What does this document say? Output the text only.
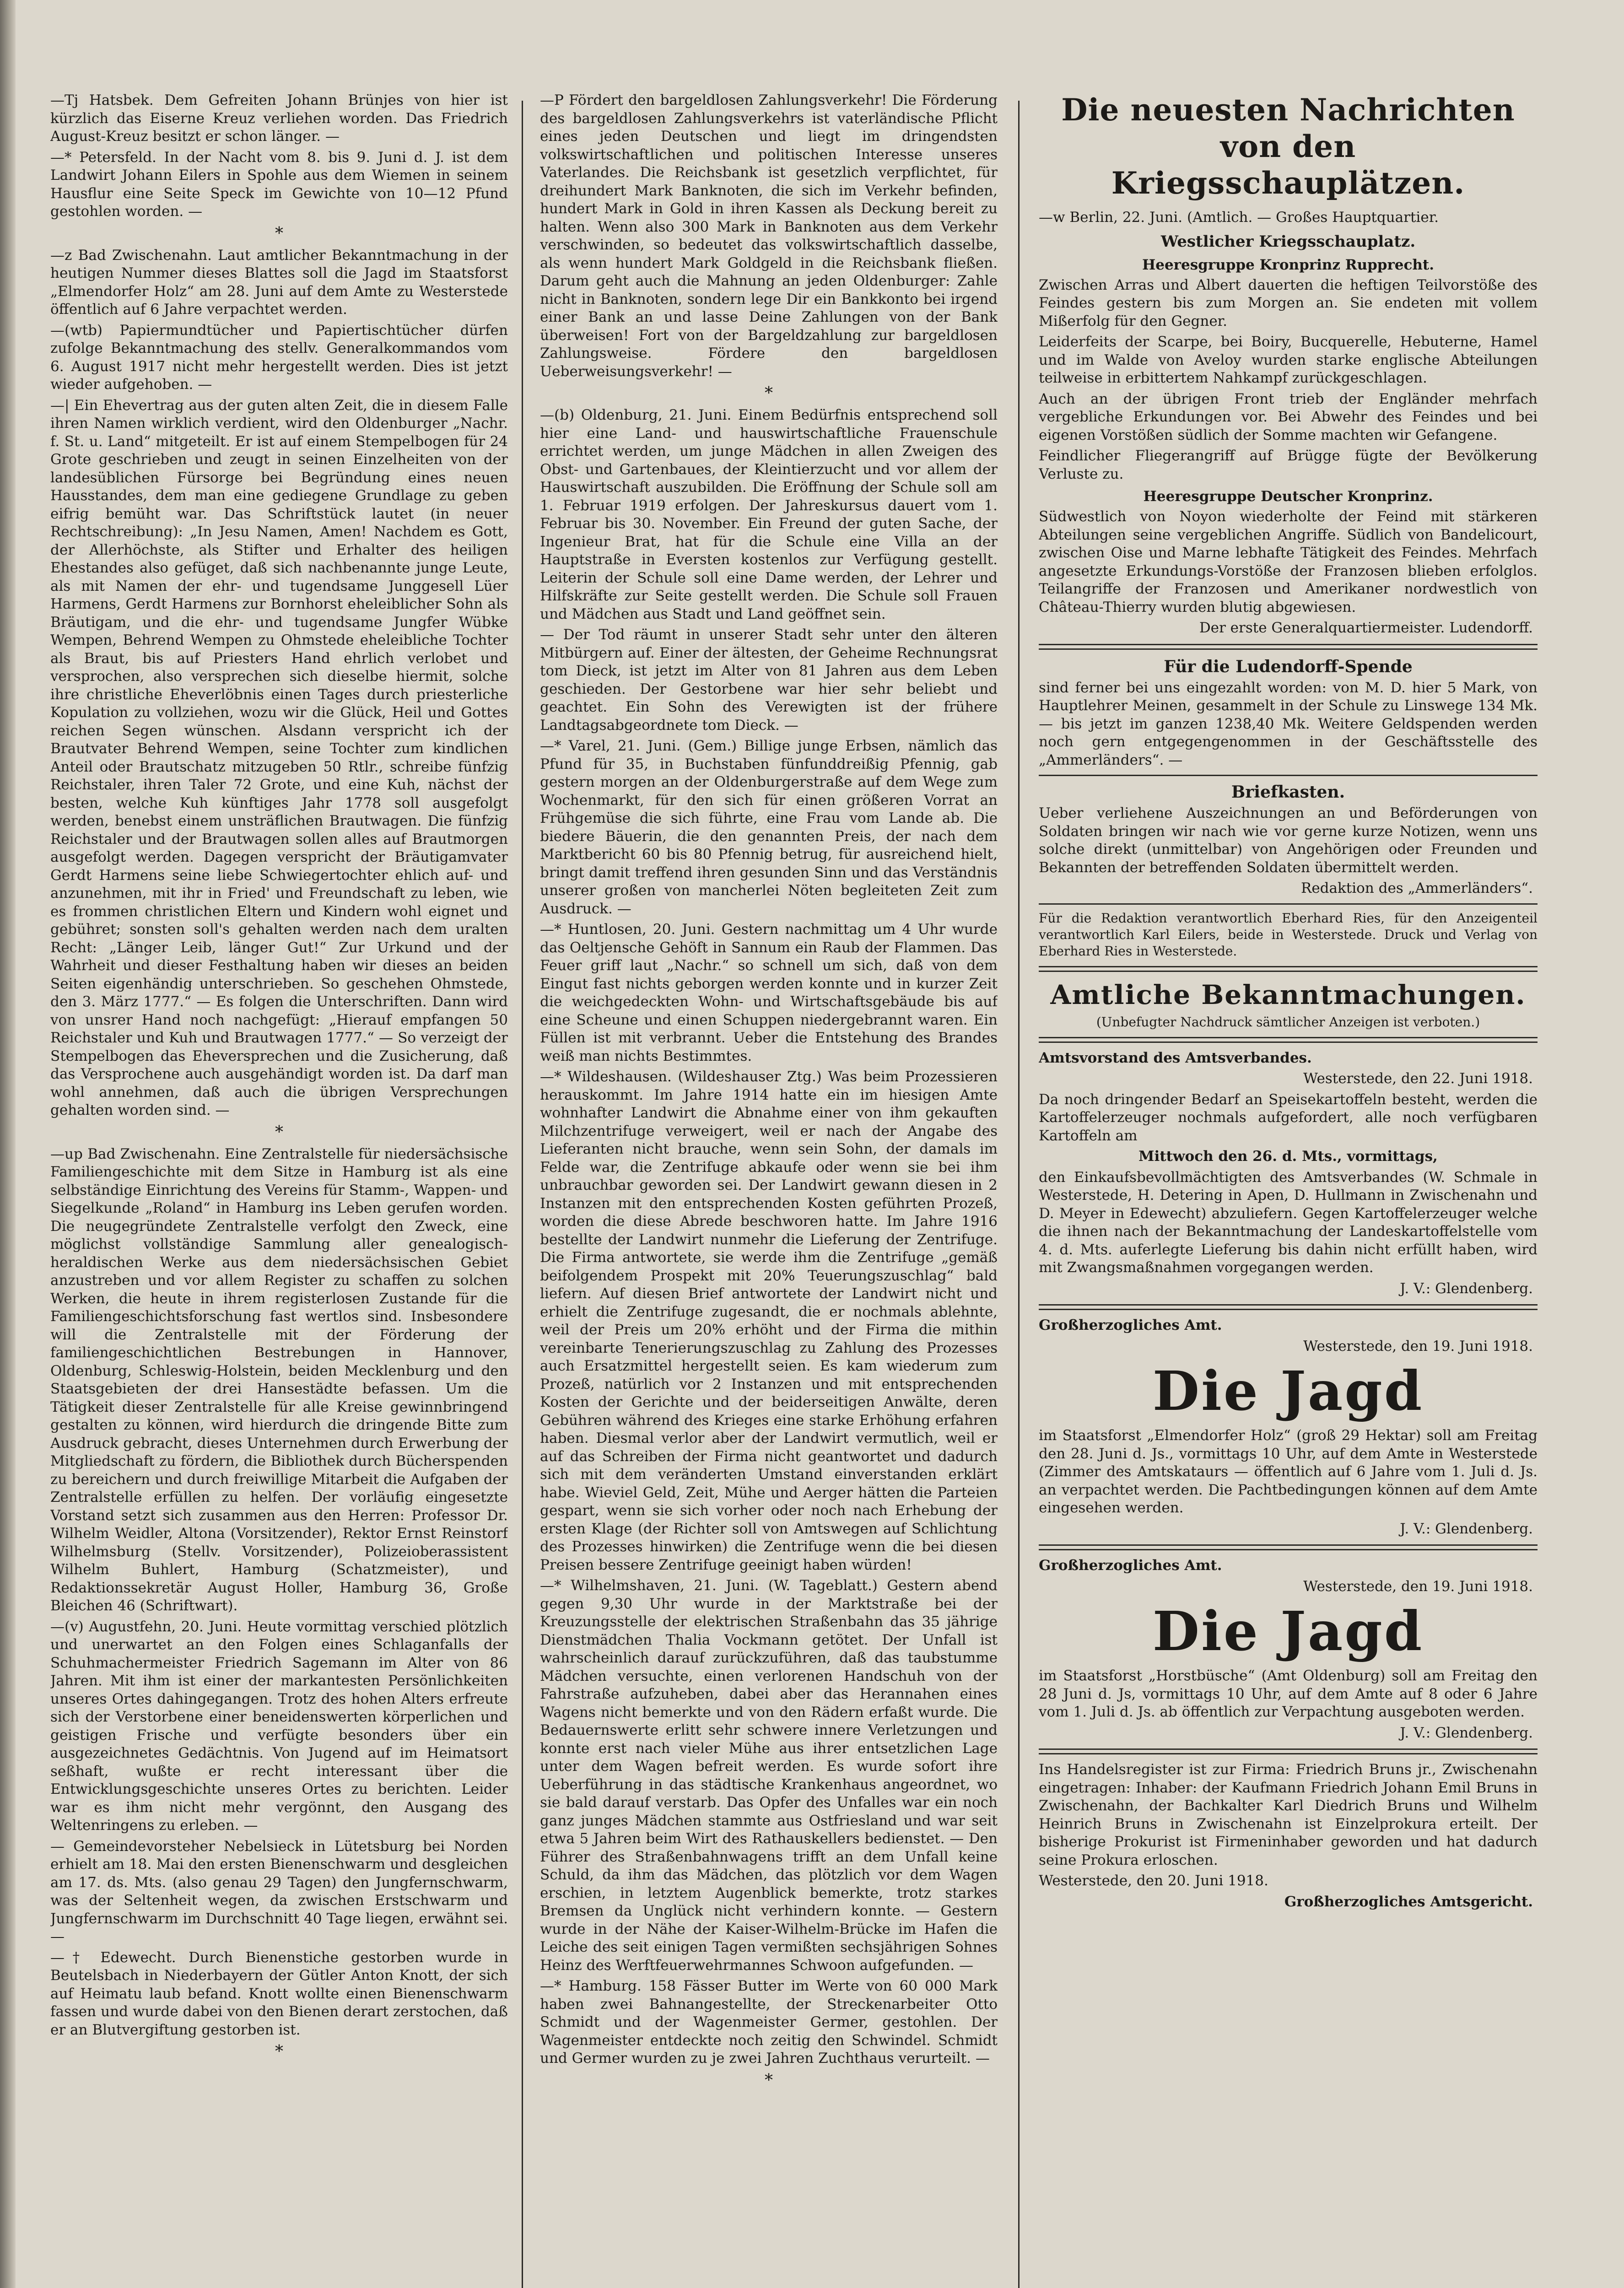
—Tj Hatsbek. Dem Gefreiten Johann Brünjes von hier ist kürzlich das Eiserne Kreuz verliehen worden. Das Friedrich August-Kreuz besitzt er schon länger. —

—* Petersfeld. In der Nacht vom 8. bis 9. Juni d. J. ist dem Landwirt Johann Eilers in Spohle aus dem Wiemen in seinem Hausflur eine Seite Speck im Gewichte von 10—12 Pfund gestohlen worden. —

*

—z Bad Zwischenahn. Laut amtlicher Bekanntmachung in der heutigen Nummer dieses Blattes soll die Jagd im Staatsforst „Elmendorfer Holz“ am 28. Juni auf dem Amte zu Westerstede öffentlich auf 6 Jahre verpachtet werden.

—(wtb) Papiermundtücher und Papiertischtücher dürfen zufolge Bekanntmachung des stellv. Generalkommandos vom 6. August 1917 nicht mehr hergestellt werden. Dies ist jetzt wieder aufgehoben. —

—| Ein Ehevertrag aus der guten alten Zeit, die in diesem Falle ihren Namen wirklich verdient, wird den Oldenburger „Nachr. f. St. u. Land“ mitgeteilt. Er ist auf einem Stempelbogen für 24 Grote geschrieben und zeugt in seinen Einzelheiten von der landesüblichen Fürsorge bei Begründung eines neuen Hausstandes, dem man eine gediegene Grundlage zu geben eifrig bemüht war. Das Schriftstück lautet (in neuer Rechtschreibung): „In Jesu Namen, Amen! Nachdem es Gott, der Allerhöchste, als Stifter und Erhalter des heiligen Ehestandes also gefüget, daß sich nachbenannte junge Leute, als mit Namen der ehr- und tugendsame Junggesell Lüer Harmens, Gerdt Harmens zur Bornhorst eheleiblicher Sohn als Bräutigam, und die ehr- und tugendsame Jungfer Wübke Wempen, Behrend Wempen zu Ohmstede eheleibliche Tochter als Braut, bis auf Priesters Hand ehrlich verlobet und versprochen, also versprechen sich dieselbe hiermit, solche ihre christliche Eheverlöbnis einen Tages durch priesterliche Kopulation zu vollziehen, wozu wir die Glück, Heil und Gottes reichen Segen wünschen. Alsdann verspricht ich der Brautvater Behrend Wempen, seine Tochter zum kindlichen Anteil oder Brautschatz mitzugeben 50 Rtlr., schreibe fünfzig Reichstaler, ihren Taler 72 Grote, und eine Kuh, nächst der besten, welche Kuh künftiges Jahr 1778 soll ausgefolgt werden, benebst einem unsträflichen Brautwagen. Die fünfzig Reichstaler und der Brautwagen sollen alles auf Brautmorgen ausgefolgt werden. Dagegen verspricht der Bräutigamvater Gerdt Harmens seine liebe Schwiegertochter ehlich auf- und anzunehmen, mit ihr in Fried' und Freundschaft zu leben, wie es frommen christlichen Eltern und Kindern wohl eignet und gebühret; sonsten soll's gehalten werden nach dem uralten Recht: „Länger Leib, länger Gut!“ Zur Urkund und der Wahrheit und dieser Festhaltung haben wir dieses an beiden Seiten eigenhändig unterschrieben. So geschehen Ohmstede, den 3. März 1777.“ — Es folgen die Unterschriften. Dann wird von unsrer Hand noch nachgefügt: „Hierauf empfangen 50 Reichstaler und Kuh und Brautwagen 1777.“ — So verzeigt der Stempelbogen das Eheversprechen und die Zusicherung, daß das Versprochene auch ausgehändigt worden ist. Da darf man wohl annehmen, daß auch die übrigen Versprechungen gehalten worden sind. —

*

—up Bad Zwischenahn. Eine Zentralstelle für niedersächsische Familiengeschichte mit dem Sitze in Hamburg ist als eine selbständige Einrichtung des Vereins für Stamm-, Wappen- und Siegelkunde „Roland“ in Hamburg ins Leben gerufen worden. Die neugegründete Zentralstelle verfolgt den Zweck, eine möglichst vollständige Sammlung aller genealogisch-heraldischen Werke aus dem niedersächsischen Gebiet anzustreben und vor allem Register zu schaffen zu solchen Werken, die heute in ihrem registerlosen Zustande für die Familiengeschichtsforschung fast wertlos sind. Insbesondere will die Zentralstelle mit der Förderung der familiengeschichtlichen Bestrebungen in Hannover, Oldenburg, Schleswig-Holstein, beiden Mecklenburg und den Staatsgebieten der drei Hansestädte befassen. Um die Tätigkeit dieser Zentralstelle für alle Kreise gewinnbringend gestalten zu können, wird hierdurch die dringende Bitte zum Ausdruck gebracht, dieses Unternehmen durch Erwerbung der Mitgliedschaft zu fördern, die Bibliothek durch Bücherspenden zu bereichern und durch freiwillige Mitarbeit die Aufgaben der Zentralstelle erfüllen zu helfen. Der vorläufig eingesetzte Vorstand setzt sich zusammen aus den Herren: Professor Dr. Wilhelm Weidler, Altona (Vorsitzender), Rektor Ernst Reinstorf Wilhelmsburg (Stellv. Vorsitzender), Polizeioberassistent Wilhelm Buhlert, Hamburg (Schatzmeister), und Redaktionssekretär August Holler, Hamburg 36, Große Bleichen 46 (Schriftwart).

—(v) Augustfehn, 20. Juni. Heute vormittag verschied plötzlich und unerwartet an den Folgen eines Schlaganfalls der Schuhmachermeister Friedrich Sagemann im Alter von 86 Jahren. Mit ihm ist einer der markantesten Persönlichkeiten unseres Ortes dahingegangen. Trotz des hohen Alters erfreute sich der Verstorbene einer beneidenswerten körperlichen und geistigen Frische und verfügte besonders über ein ausgezeichnetes Gedächtnis. Von Jugend auf im Heimatsort seßhaft, wußte er recht interessant über die Entwicklungsgeschichte unseres Ortes zu berichten. Leider war es ihm nicht mehr vergönnt, den Ausgang des Weltenringens zu erleben. —

— Gemeindevorsteher Nebelsieck in Lütetsburg bei Norden erhielt am 18. Mai den ersten Bienenschwarm und desgleichen am 17. ds. Mts. (also genau 29 Tagen) den Jungfernschwarm, was der Seltenheit wegen, da zwischen Erstschwarm und Jungfernschwarm im Durchschnitt 40 Tage liegen, erwähnt sei. —

—† Edewecht. Durch Bienenstiche gestorben wurde in Beutelsbach in Niederbayern der Gütler Anton Knott, der sich auf Heimatu laub befand. Knott wollte einen Bienenschwarm fassen und wurde dabei von den Bienen derart zerstochen, daß er an Blutvergiftung gestorben ist.

*

—P Fördert den bargeldlosen Zahlungsverkehr! Die Förderung des bargeldlosen Zahlungsverkehrs ist vaterländische Pflicht eines jeden Deutschen und liegt im dringendsten volkswirtschaftlichen und politischen Interesse unseres Vaterlandes. Die Reichsbank ist gesetzlich verpflichtet, für dreihundert Mark Banknoten, die sich im Verkehr befinden, hundert Mark in Gold in ihren Kassen als Deckung bereit zu halten. Wenn also 300 Mark in Banknoten aus dem Verkehr verschwinden, so bedeutet das volkswirtschaftlich dasselbe, als wenn hundert Mark Goldgeld in die Reichsbank fließen. Darum geht auch die Mahnung an jeden Oldenburger: Zahle nicht in Banknoten, sondern lege Dir ein Bankkonto bei irgend einer Bank an und lasse Deine Zahlungen von der Bank überweisen! Fort von der Bargeldzahlung zur bargeldlosen Zahlungsweise. Fördere den bargeldlosen Ueberweisungsverkehr! —

*

—(b) Oldenburg, 21. Juni. Einem Bedürfnis entsprechend soll hier eine Land- und hauswirtschaftliche Frauenschule errichtet werden, um junge Mädchen in allen Zweigen des Obst- und Gartenbaues, der Kleintierzucht und vor allem der Hauswirtschaft auszubilden. Die Eröffnung der Schule soll am 1. Februar 1919 erfolgen. Der Jahreskursus dauert vom 1. Februar bis 30. November. Ein Freund der guten Sache, der Ingenieur Brat, hat für die Schule eine Villa an der Hauptstraße in Eversten kostenlos zur Verfügung gestellt. Leiterin der Schule soll eine Dame werden, der Lehrer und Hilfskräfte zur Seite gestellt werden. Die Schule soll Frauen und Mädchen aus Stadt und Land geöffnet sein.

— Der Tod räumt in unserer Stadt sehr unter den älteren Mitbürgern auf. Einer der ältesten, der Geheime Rechnungsrat tom Dieck, ist jetzt im Alter von 81 Jahren aus dem Leben geschieden. Der Gestorbene war hier sehr beliebt und geachtet. Ein Sohn des Verewigten ist der frühere Landtagsabgeordnete tom Dieck. —

—* Varel, 21. Juni. (Gem.) Billige junge Erbsen, nämlich das Pfund für 35, in Buchstaben fünfunddreißig Pfennig, gab gestern morgen an der Oldenburgerstraße auf dem Wege zum Wochenmarkt, für den sich für einen größeren Vorrat an Frühgemüse die sich führte, eine Frau vom Lande ab. Die biedere Bäuerin, die den genannten Preis, der nach dem Marktbericht 60 bis 80 Pfennig betrug, für ausreichend hielt, bringt damit treffend ihren gesunden Sinn und das Verständnis unserer großen von mancherlei Nöten begleiteten Zeit zum Ausdruck. —

—* Huntlosen, 20. Juni. Gestern nachmittag um 4 Uhr wurde das Oeltjensche Gehöft in Sannum ein Raub der Flammen. Das Feuer griff laut „Nachr.“ so schnell um sich, daß von dem Eingut fast nichts geborgen werden konnte und in kurzer Zeit die weichgedeckten Wohn- und Wirtschaftsgebäude bis auf eine Scheune und einen Schuppen niedergebrannt waren. Ein Füllen ist mit verbrannt. Ueber die Entstehung des Brandes weiß man nichts Bestimmtes.

—* Wildeshausen. (Wildeshauser Ztg.) Was beim Prozessieren herauskommt. Im Jahre 1914 hatte ein im hiesigen Amte wohnhafter Landwirt die Abnahme einer von ihm gekauften Milchzentrifuge verweigert, weil er nach der Angabe des Lieferanten nicht brauche, wenn sein Sohn, der damals im Felde war, die Zentrifuge abkaufe oder wenn sie bei ihm unbrauchbar geworden sei. Der Landwirt gewann diesen in 2 Instanzen mit den entsprechenden Kosten geführten Prozeß, worden die diese Abrede beschworen hatte. Im Jahre 1916 bestellte der Landwirt nunmehr die Lieferung der Zentrifuge. Die Firma antwortete, sie werde ihm die Zentrifuge „gemäß beifolgendem Prospekt mit 20% Teuerungszuschlag“ bald liefern. Auf diesen Brief antwortete der Landwirt nicht und erhielt die Zentrifuge zugesandt, die er nochmals ablehnte, weil der Preis um 20% erhöht und der Firma die mithin vereinbarte Tenerierungszuschlag zu Zahlung des Prozesses auch Ersatzmittel hergestellt seien. Es kam wiederum zum Prozeß, natürlich vor 2 Instanzen und mit entsprechenden Kosten der Gerichte und der beiderseitigen Anwälte, deren Gebühren während des Krieges eine starke Erhöhung erfahren haben. Diesmal verlor aber der Landwirt vermutlich, weil er auf das Schreiben der Firma nicht geantwortet und dadurch sich mit dem veränderten Umstand einverstanden erklärt habe. Wieviel Geld, Zeit, Mühe und Aerger hätten die Parteien gespart, wenn sie sich vorher oder noch nach Erhebung der ersten Klage (der Richter soll von Amtswegen auf Schlichtung des Prozesses hinwirken) die Zentrifuge wenn die bei diesen Preisen bessere Zentrifuge geeinigt haben würden!

—* Wilhelmshaven, 21. Juni. (W. Tageblatt.) Gestern abend gegen 9,30 Uhr wurde in der Marktstraße bei der Kreuzungsstelle der elektrischen Straßenbahn das 35 jährige Dienstmädchen Thalia Vockmann getötet. Der Unfall ist wahrscheinlich darauf zurückzuführen, daß das taubstumme Mädchen versuchte, einen verlorenen Handschuh von der Fahrstraße aufzuheben, dabei aber das Herannahen eines Wagens nicht bemerkte und von den Rädern erfaßt wurde. Die Bedauernswerte erlitt sehr schwere innere Verletzungen und konnte erst nach vieler Mühe aus ihrer entsetzlichen Lage unter dem Wagen befreit werden. Es wurde sofort ihre Ueberführung in das städtische Krankenhaus angeordnet, wo sie bald darauf verstarb. Das Opfer des Unfalles war ein noch ganz junges Mädchen stammte aus Ostfriesland und war seit etwa 5 Jahren beim Wirt des Rathauskellers bedienstet. — Den Führer des Straßenbahnwagens trifft an dem Unfall keine Schuld, da ihm das Mädchen, das plötzlich vor dem Wagen erschien, in letztem Augenblick bemerkte, trotz starkes Bremsen da Unglück nicht verhindern konnte. — Gestern wurde in der Nähe der Kaiser-Wilhelm-Brücke im Hafen die Leiche des seit einigen Tagen vermißten sechsjährigen Sohnes Heinz des Werftfeuerwehrmannes Schwoon aufgefunden. —

—* Hamburg. 158 Fässer Butter im Werte von 60 000 Mark haben zwei Bahnangestellte, der Streckenarbeiter Otto Schmidt und der Wagenmeister Germer, gestohlen. Der Wagenmeister entdeckte noch zeitig den Schwindel. Schmidt und Germer wurden zu je zwei Jahren Zuchthaus verurteilt. —

*
Die neuesten Nachrichten von den Kriegsschauplätzen.

—w Berlin, 22. Juni. (Amtlich. — Großes Hauptquartier.

Westlicher Kriegsschauplatz.
Heeresgruppe Kronprinz Rupprecht.

Zwischen Arras und Albert dauerten die heftigen Teilvorstöße des Feindes gestern bis zum Morgen an. Sie endeten mit vollem Mißerfolg für den Gegner.

Leiderfeits der Scarpe, bei Boiry, Bucquerelle, Hebuterne, Hamel und im Walde von Aveloy wurden starke englische Abteilungen teilweise in erbittertem Nahkampf zurückgeschlagen.

Auch an der übrigen Front trieb der Engländer mehrfach vergebliche Erkundungen vor. Bei Abwehr des Feindes und bei eigenen Vorstößen südlich der Somme machten wir Gefangene.

Feindlicher Fliegerangriff auf Brügge fügte der Bevölkerung Verluste zu.

Heeresgruppe Deutscher Kronprinz.

Südwestlich von Noyon wiederholte der Feind mit stärkeren Abteilungen seine vergeblichen Angriffe. Südlich von Bandelicourt, zwischen Oise und Marne lebhafte Tätigkeit des Feindes. Mehrfach angesetzte Erkundungs-Vorstöße der Franzosen blieben erfolglos. Teilangriffe der Franzosen und Amerikaner nordwestlich von Château-Thierry wurden blutig abgewiesen.

Der erste Generalquartiermeister. Ludendorff.

Für die Ludendorff-Spende

sind ferner bei uns eingezahlt worden: von M. D. hier 5 Mark, von Hauptlehrer Meinen, gesammelt in der Schule zu Linswege 134 Mk. — bis jetzt im ganzen 1238,40 Mk. Weitere Geldspenden werden noch gern entgegengenommen in der Geschäftsstelle des „Ammerländers“. —

Briefkasten.

Ueber verliehene Auszeichnungen an und Beförderungen von Soldaten bringen wir nach wie vor gerne kurze Notizen, wenn uns solche direkt (unmittelbar) von Angehörigen oder Freunden und Bekannten der betreffenden Soldaten übermittelt werden.

Redaktion des „Ammerländers“.

Für die Redaktion verantwortlich Eberhard Ries, für den Anzeigenteil verantwortlich Karl Eilers, beide in Westerstede. Druck und Verlag von Eberhard Ries in Westerstede.

Amtliche Bekanntmachungen.

(Unbefugter Nachdruck sämtlicher Anzeigen ist verboten.)

Amtsvorstand des Amtsverbandes.

Westerstede, den 22. Juni 1918.

Da noch dringender Bedarf an Speisekartoffeln besteht, werden die Kartoffelerzeuger nochmals aufgefordert, alle noch verfügbaren Kartoffeln am

Mittwoch den 26. d. Mts., vormittags,

den Einkaufsbevollmächtigten des Amtsverbandes (W. Schmale in Westerstede, H. Detering in Apen, D. Hullmann in Zwischenahn und D. Meyer in Edewecht) abzuliefern. Gegen Kartoffelerzeuger welche die ihnen nach der Bekanntmachung der Landeskartoffelstelle vom 4. d. Mts. auferlegte Lieferung bis dahin nicht erfüllt haben, wird mit Zwangsmaßnahmen vorgegangen werden.

J. V.: Glendenberg.

Großherzogliches Amt.

Westerstede, den 19. Juni 1918.

Die Jagd

im Staatsforst „Elmendorfer Holz“ (groß 29 Hektar) soll am Freitag den 28. Juni d. Js., vormittags 10 Uhr, auf dem Amte in Westerstede (Zimmer des Amtskataurs — öffentlich auf 6 Jahre vom 1. Juli d. Js. an verpachtet werden. Die Pachtbedingungen können auf dem Amte eingesehen werden.

J. V.: Glendenberg.

Großherzogliches Amt.

Westerstede, den 19. Juni 1918.

Die Jagd

im Staatsforst „Horstbüsche“ (Amt Oldenburg) soll am Freitag den 28 Juni d. Js, vormittags 10 Uhr, auf dem Amte auf 8 oder 6 Jahre vom 1. Juli d. Js. ab öffentlich zur Verpachtung ausgeboten werden.

J. V.: Glendenberg.

Ins Handelsregister ist zur Firma: Friedrich Bruns jr., Zwischenahn eingetragen: Inhaber: der Kaufmann Friedrich Johann Emil Bruns in Zwischenahn, der Bachkalter Karl Diedrich Bruns und Wilhelm Heinrich Bruns in Zwischenahn ist Einzelprokura erteilt. Der bisherige Prokurist ist Firmeninhaber geworden und hat dadurch seine Prokura erloschen.

Westerstede, den 20. Juni 1918.

Großherzogliches Amtsgericht.
